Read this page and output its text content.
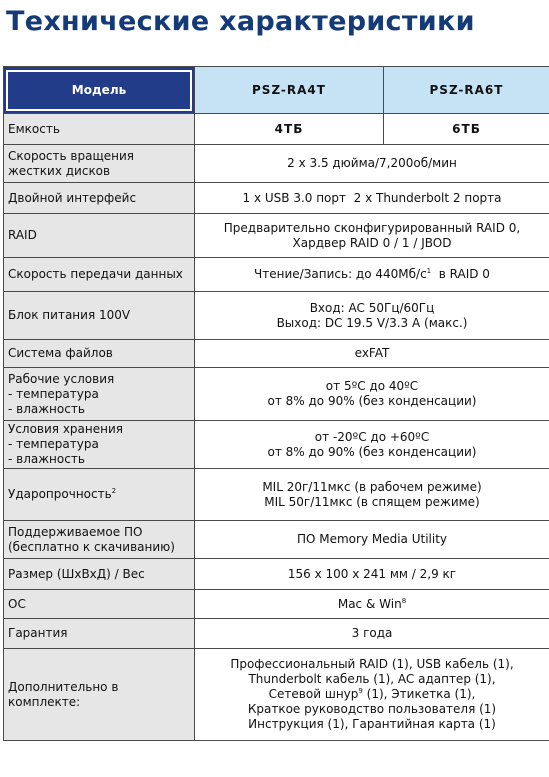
Технические характеристики
Модель	PSZ-RA4T	PSZ-RA6T

Емкость	4ТБ	6ТБ

Скорость вращения
жестких дисков	2 x 3.5 дюйма/7,200об/мин	

Двойной интерфейс	1 x USB 3.0 порт  2 x Thunderbolt 2 порта	

RAID	Предварительно сконфигурированный RAID 0,
Хардвер RAID 0 / 1 / JBOD	

Скорость передачи данных	Чтение/Запись: до $440Мб/с^1$  в RAID 0	

Блок питания 100V	Вход: AC 50Гц/60Гц
Выход: DC 19.5 V/3.3 A (макс.)	

Система файлов	exFAT	

Рабочие условия
- температура
- влажность	от 5ºC до 40ºC
от 8% до 90% (без конденсации)	

Условия хранения
- температура
- влажность	от -20ºC до +60ºC
от 8% до 90% (без конденсации)	

Ударопрочность$^2$	MIL 20г/11мкс (в рабочем режиме)
MIL 50г/11мкс (в спящем режиме)	

Поддерживаемое ПО
(бесплатно к скачиванию)	ПО Memory Media Utility	

Размер (ШхВхД) / Вес	156 x 100 x 241 мм / 2,9 кг	

ОС	Mac & Win$^8$

Гарантия	3 года	

Дополнительно в комплекте:	Профессиональный RAID (1), USB кабель (1),
Thunderbolt кабель (1), AC адаптер (1),
Сетевой шнур$^9$ (1), Этикетка (1),
Краткое руководство пользователя (1)
Инструкция (1), Гарантийная карта (1)	
